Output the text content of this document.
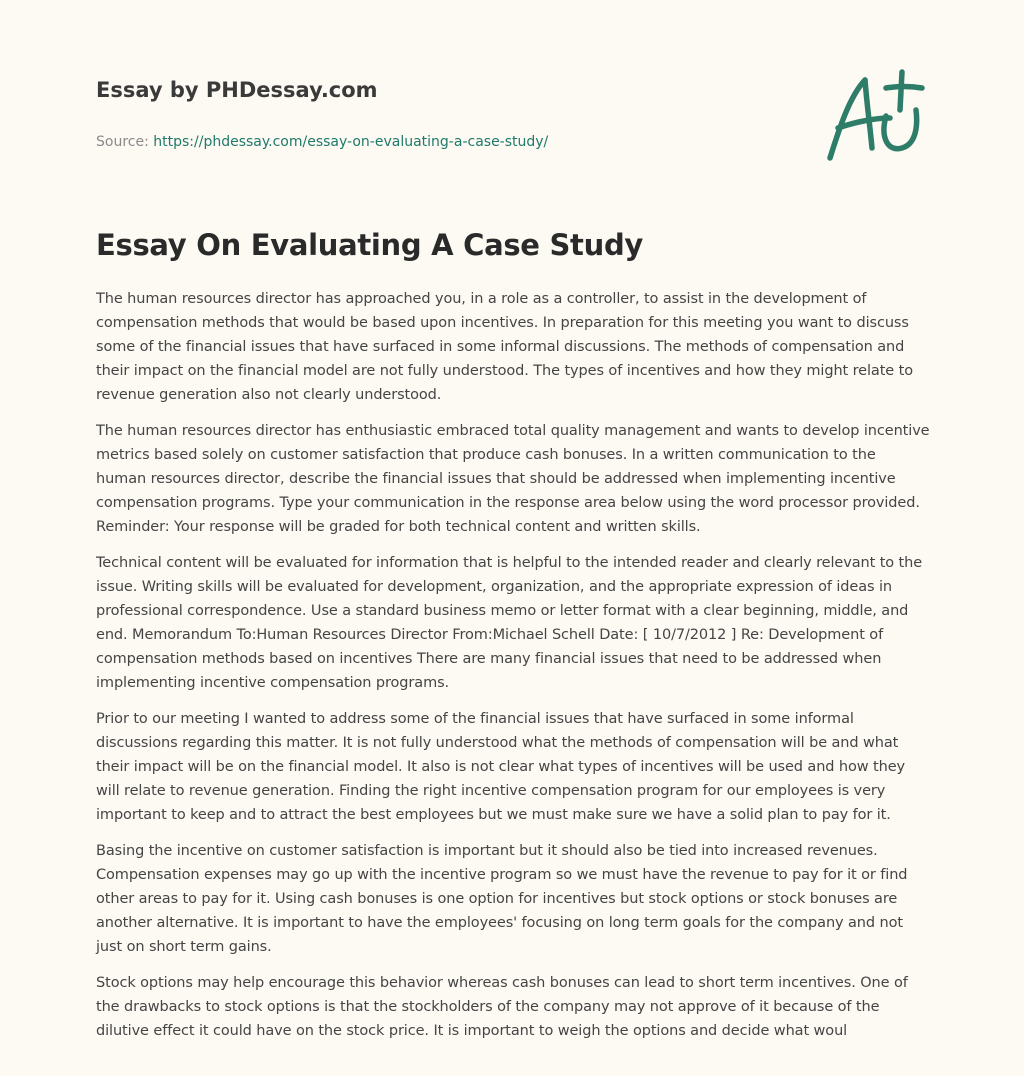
Essay by PHDessay.com
Source: https://phdessay.com/essay-on-evaluating-a-case-study/
Essay On Evaluating A Case Study

The human resources director has approached you, in a role as a controller, to assist in the development of compensation methods that would be based upon incentives. In preparation for this meeting you want to discuss some of the financial issues that have surfaced in some informal discussions. The methods of compensation and their impact on the financial model are not fully understood. The types of incentives and how they might relate to revenue generation also not clearly understood.

The human resources director has enthusiastic embraced total quality management and wants to develop incentive metrics based solely on customer satisfaction that produce cash bonuses. In a written communication to the human resources director, describe the financial issues that should be addressed when implementing incentive compensation programs. Type your communication in the response area below using the word processor provided. Reminder: Your response will be graded for both technical content and written skills.

Technical content will be evaluated for information that is helpful to the intended reader and clearly relevant to the issue. Writing skills will be evaluated for development, organization, and the appropriate expression of ideas in professional correspondence. Use a standard business memo or letter format with a clear beginning, middle, and end. Memorandum To:Human Resources Director From:Michael Schell Date: [ 10/7/2012 ] Re: Development of compensation methods based on incentives There are many financial issues that need to be addressed when implementing incentive compensation programs.

Prior to our meeting I wanted to address some of the financial issues that have surfaced in some informal discussions regarding this matter. It is not fully understood what the methods of compensation will be and what their impact will be on the financial model. It also is not clear what types of incentives will be used and how they will relate to revenue generation. Finding the right incentive compensation program for our employees is very important to keep and to attract the best employees but we must make sure we have a solid plan to pay for it.

Basing the incentive on customer satisfaction is important but it should also be tied into increased revenues. Compensation expenses may go up with the incentive program so we must have the revenue to pay for it or find other areas to pay for it. Using cash bonuses is one option for incentives but stock options or stock bonuses are another alternative. It is important to have the employees' focusing on long term goals for the company and not just on short term gains.

Stock options may help encourage this behavior whereas cash bonuses can lead to short term incentives. One of the drawbacks to stock options is that the stockholders of the company may not approve of it because of the dilutive effect it could have on the stock price. It is important to weigh the options and decide what woul
